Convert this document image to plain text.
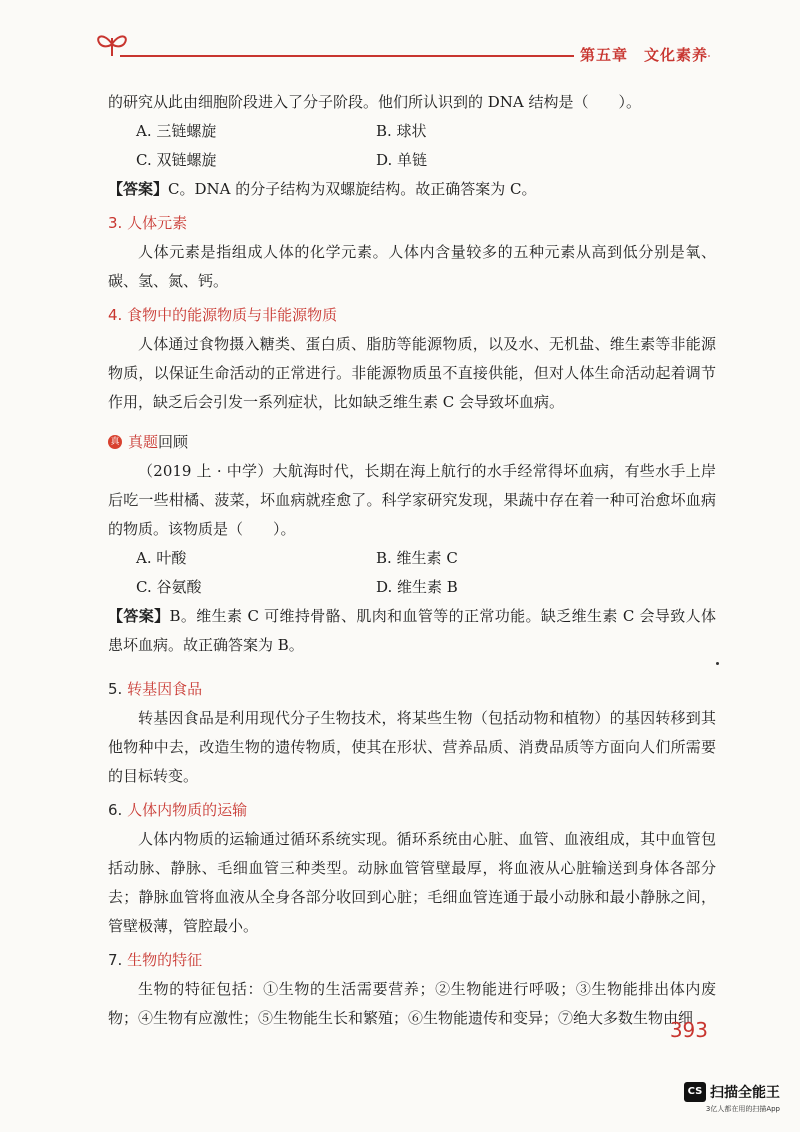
第五章　文化素养

的研究从此由细胞阶段进入了分子阶段。他们所认识到的 DNA 结构是（　　）。

A. 三链螺旋	B. 球状
C. 双链螺旋	D. 单链

【答案】C。DNA 的分子结构为双螺旋结构。故正确答案为 C。

3. 人体元素

人体元素是指组成人体的化学元素。人体内含量较多的五种元素从高到低分别是氧、碳、氢、氮、钙。

4. 食物中的能源物质与非能源物质

人体通过食物摄入糖类、蛋白质、脂肪等能源物质，以及水、无机盐、维生素等非能源物质，以保证生命活动的正常进行。非能源物质虽不直接供能，但对人体生命活动起着调节作用，缺乏后会引发一系列症状，比如缺乏维生素 C 会导致坏血病。

真 真题 回顾

（2019 上 · 中学）大航海时代，长期在海上航行的水手经常得坏血病，有些水手上岸后吃一些柑橘、菠菜，坏血病就痊愈了。科学家研究发现，果蔬中存在着一种可治愈坏血病的物质。该物质是（　　）。

A. 叶酸	B. 维生素 C
C. 谷氨酸	D. 维生素 B

【答案】B。维生素 C 可维持骨骼、肌肉和血管等的正常功能。缺乏维生素 C 会导致人体患坏血病。故正确答案为 B。

5. 转基因食品

转基因食品是利用现代分子生物技术，将某些生物（包括动物和植物）的基因转移到其他物种中去，改造生物的遗传物质，使其在形状、营养品质、消费品质等方面向人们所需要的目标转变。

6. 人体内物质的运输

人体内物质的运输通过循环系统实现。循环系统由心脏、血管、血液组成，其中血管包括动脉、静脉、毛细血管三种类型。动脉血管管壁最厚，将血液从心脏输送到身体各部分去；静脉血管将血液从全身各部分收回到心脏；毛细血管连通于最小动脉和最小静脉之间，管壁极薄，管腔最小。

7. 生物的特征

生物的特征包括：①生物的生活需要营养；②生物能进行呼吸；③生物能排出体内废物；④生物有应激性；⑤生物能生长和繁殖；⑥生物能遗传和变异；⑦绝大多数生物由细

393
CS 扫描全能王
3亿人都在用的扫描App
